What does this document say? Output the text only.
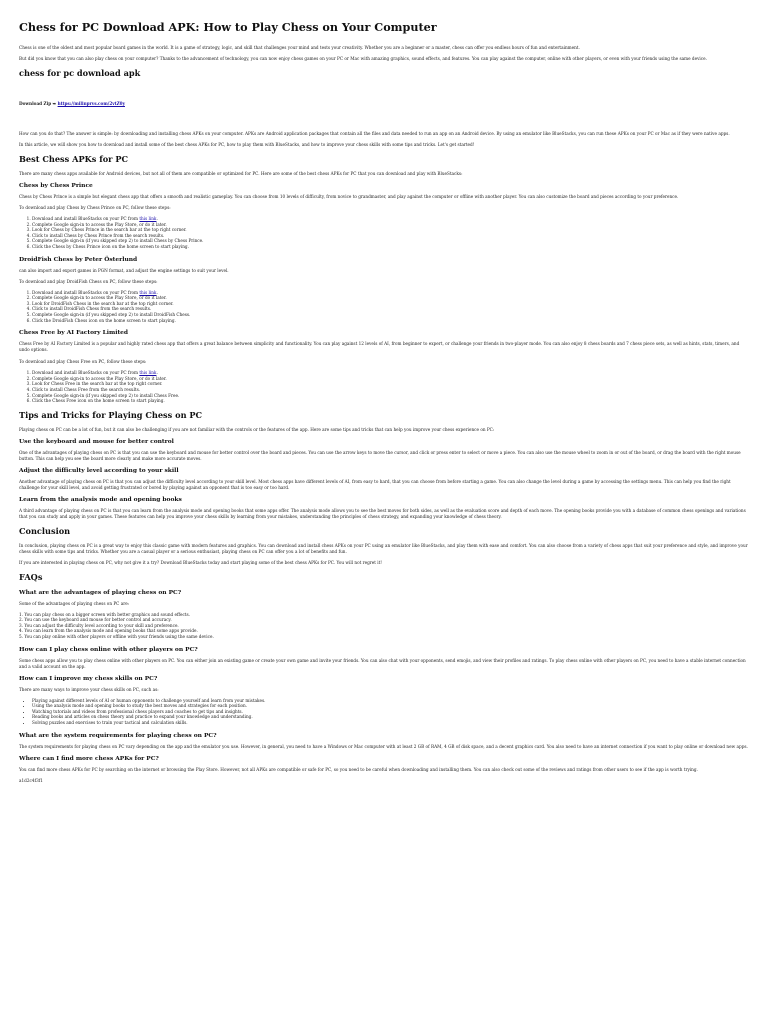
Chess for PC Download APK: How to Play Chess on Your Computer

Chess is one of the oldest and most popular board games in the world. It is a game of strategy, logic, and skill that challenges your mind and tests your creativity. Whether you are a beginner or a master, chess can offer you endless hours of fun and entertainment.

But did you know that you can also play chess on your computer? Thanks to the advancement of technology, you can now enjoy chess games on your PC or Mac with amazing graphics, sound effects, and features. You can play against the computer, online with other players, or even with your friends using the same device.

chess for pc download apk

Download Zip ➥ https://milinprvs.com/2vtZ0y

How can you do that? The answer is simple: by downloading and installing chess APKs on your computer. APKs are Android application packages that contain all the files and data needed to run an app on an Android device. By using an emulator like BlueStacks, you can run these APKs on your PC or Mac as if they were native apps.

In this article, we will show you how to download and install some of the best chess APKs for PC, how to play them with BlueStacks, and how to improve your chess skills with some tips and tricks. Let's get started!

Best Chess APKs for PC

There are many chess apps available for Android devices, but not all of them are compatible or optimized for PC. Here are some of the best chess APKs for PC that you can download and play with BlueStacks:

Chess by Chess Prince

Chess by Chess Prince is a simple but elegant chess app that offers a smooth and realistic gameplay. You can choose from 10 levels of difficulty, from novice to grandmaster, and play against the computer or offline with another player. You can also customize the board and pieces according to your preference.

To download and play Chess by Chess Prince on PC, follow these steps:

1. Download and install BlueStacks on your PC from this link.
2. Complete Google sign-in to access the Play Store, or do it later.
3. Look for Chess by Chess Prince in the search bar at the top right corner.
4. Click to install Chess by Chess Prince from the search results.
5. Complete Google sign-in (if you skipped step 2) to install Chess by Chess Prince.
6. Click the Chess by Chess Prince icon on the home screen to start playing.
DroidFish Chess by Peter Österlund

can also import and export games in PGN format, and adjust the engine settings to suit your level.

To download and play DroidFish Chess on PC, follow these steps:

1. Download and install BlueStacks on your PC from this link.
2. Complete Google sign-in to access the Play Store, or do it later.
3. Look for DroidFish Chess in the search bar at the top right corner.
4. Click to install DroidFish Chess from the search results.
5. Complete Google sign-in (if you skipped step 2) to install DroidFish Chess.
6. Click the DroidFish Chess icon on the home screen to start playing.
Chess Free by AI Factory Limited

Chess Free by AI Factory Limited is a popular and highly rated chess app that offers a great balance between simplicity and functionality. You can play against 12 levels of AI, from beginner to expert, or challenge your friends in two-player mode. You can also enjoy 8 chess boards and 7 chess piece sets, as well as hints, stats, timers, and undo options.

To download and play Chess Free on PC, follow these steps:

1. Download and install BlueStacks on your PC from this link.
2. Complete Google sign-in to access the Play Store, or do it later.
3. Look for Chess Free in the search bar at the top right corner.
4. Click to install Chess Free from the search results.
5. Complete Google sign-in (if you skipped step 2) to install Chess Free.
6. Click the Chess Free icon on the home screen to start playing.
Tips and Tricks for Playing Chess on PC

Playing chess on PC can be a lot of fun, but it can also be challenging if you are not familiar with the controls or the features of the app. Here are some tips and tricks that can help you improve your chess experience on PC:

Use the keyboard and mouse for better control

One of the advantages of playing chess on PC is that you can use the keyboard and mouse for better control over the board and pieces. You can use the arrow keys to move the cursor, and click or press enter to select or move a piece. You can also use the mouse wheel to zoom in or out of the board, or drag the board with the right mouse button. This can help you see the board more clearly and make more accurate moves.

Adjust the difficulty level according to your skill

Another advantage of playing chess on PC is that you can adjust the difficulty level according to your skill level. Most chess apps have different levels of AI, from easy to hard, that you can choose from before starting a game. You can also change the level during a game by accessing the settings menu. This can help you find the right challenge for your skill level, and avoid getting frustrated or bored by playing against an opponent that is too easy or too hard.

Learn from the analysis mode and opening books

A third advantage of playing chess on PC is that you can learn from the analysis mode and opening books that some apps offer. The analysis mode allows you to see the best moves for both sides, as well as the evaluation score and depth of each move. The opening books provide you with a database of common chess openings and variations that you can study and apply in your games. These features can help you improve your chess skills by learning from your mistakes, understanding the principles of chess strategy, and expanding your knowledge of chess theory.

Conclusion

In conclusion, playing chess on PC is a great way to enjoy this classic game with modern features and graphics. You can download and install chess APKs on your PC using an emulator like BlueStacks, and play them with ease and comfort. You can also choose from a variety of chess apps that suit your preference and style, and improve your chess skills with some tips and tricks. Whether you are a casual player or a serious enthusiast, playing chess on PC can offer you a lot of benefits and fun.

If you are interested in playing chess on PC, why not give it a try? Download BlueStacks today and start playing some of the best chess APKs for PC. You will not regret it!

FAQs
What are the advantages of playing chess on PC?

Some of the advantages of playing chess on PC are:

1. You can play chess on a bigger screen with better graphics and sound effects.
2. You can use the keyboard and mouse for better control and accuracy.
3. You can adjust the difficulty level according to your skill and preference.
4. You can learn from the analysis mode and opening books that some apps provide.
5. You can play online with other players or offline with your friends using the same device.
How can I play chess online with other players on PC?

Some chess apps allow you to play chess online with other players on PC. You can either join an existing game or create your own game and invite your friends. You can also chat with your opponents, send emojis, and view their profiles and ratings. To play chess online with other players on PC, you need to have a stable internet connection and a valid account on the app.

How can I improve my chess skills on PC?

There are many ways to improve your chess skills on PC, such as:

• Playing against different levels of AI or human opponents to challenge yourself and learn from your mistakes.
• Using the analysis mode and opening books to study the best moves and strategies for each position.
• Watching tutorials and videos from professional chess players and coaches to get tips and insights.
• Reading books and articles on chess theory and practice to expand your knowledge and understanding.
• Solving puzzles and exercises to train your tactical and calculation skills.
What are the system requirements for playing chess on PC?

The system requirements for playing chess on PC vary depending on the app and the emulator you use. However, in general, you need to have a Windows or Mac computer with at least 2 GB of RAM, 4 GB of disk space, and a decent graphics card. You also need to have an internet connection if you want to play online or download new apps.

Where can I find more chess APKs for PC?

You can find more chess APKs for PC by searching on the internet or browsing the Play Store. However, not all APKs are compatible or safe for PC, so you need to be careful when downloading and installing them. You can also check out some of the reviews and ratings from other users to see if the app is worth trying.

a1d2c4f3f1
